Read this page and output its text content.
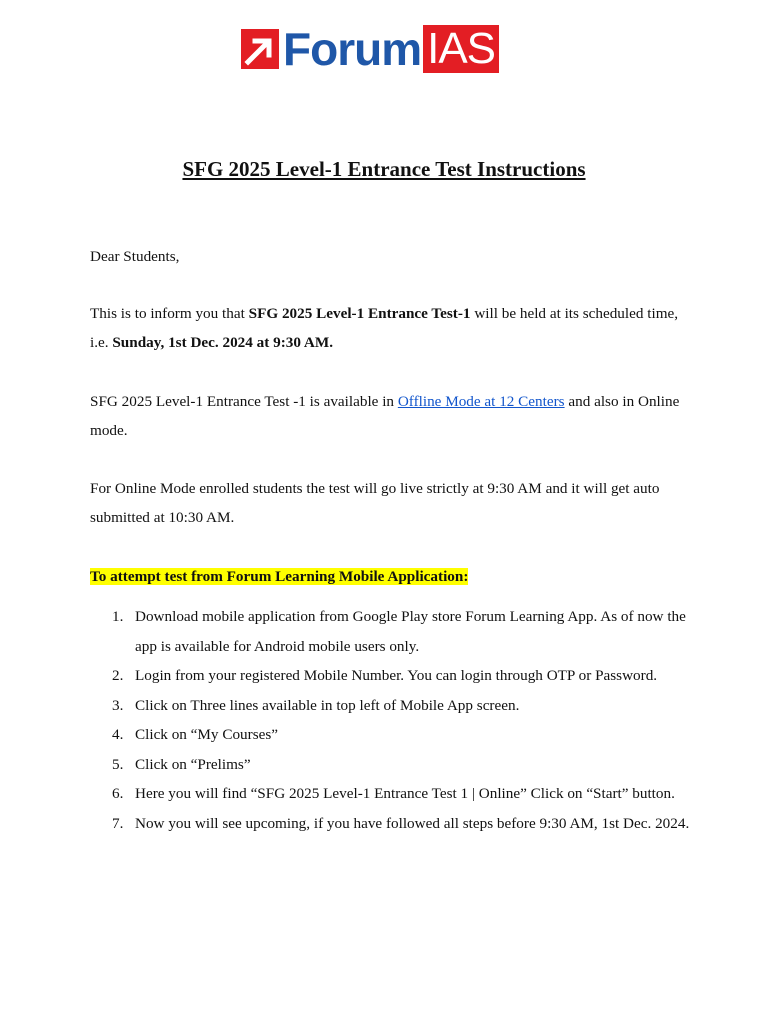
Forum IAS
SFG 2025 Level-1 Entrance Test Instructions

Dear Students,

This is to inform you that SFG 2025 Level-1 Entrance Test-1 will be held at its scheduled time, i.e. Sunday, 1st Dec. 2024 at 9:30 AM.

SFG 2025 Level-1 Entrance Test -1 is available in Offline Mode at 12 Centers and also in Online mode.

For Online Mode enrolled students the test will go live strictly at 9:30 AM and it will get auto submitted at 10:30 AM.

To attempt test from Forum Learning Mobile Application:

1. Download mobile application from Google Play store Forum Learning App. As of now the app is available for Android mobile users only.
2. Login from your registered Mobile Number. You can login through OTP or Password.
3. Click on Three lines available in top left of Mobile App screen.
4. Click on “My Courses”
5. Click on “Prelims”
6. Here you will find “SFG 2025 Level-1 Entrance Test 1 | Online” Click on “Start” button.
7. Now you will see upcoming, if you have followed all steps before 9:30 AM, 1st Dec. 2024.
